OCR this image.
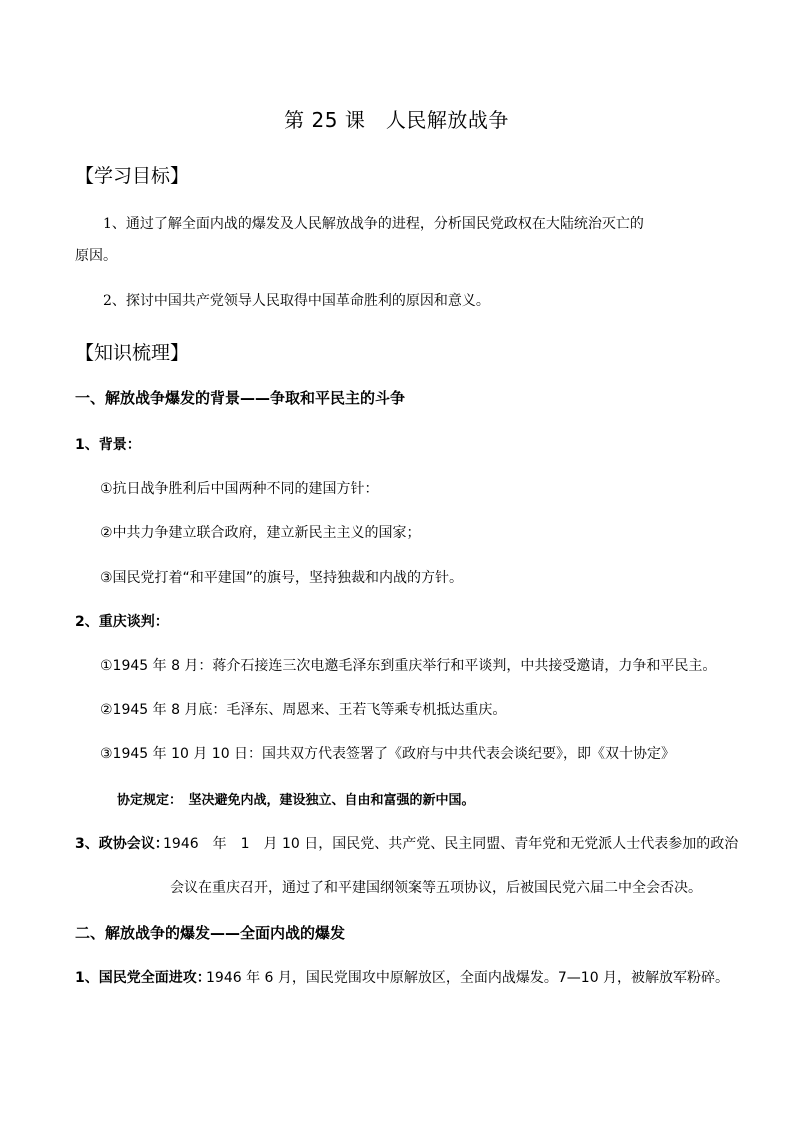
第 25 课　人民解放战争
【学习目标】
1、通过了解全面内战的爆发及人民解放战争的进程，分析国民党政权在大陆统治灭亡的
原因。
2、探讨中国共产党领导人民取得中国革命胜利的原因和意义。
【知识梳理】
一、解放战争爆发的背景——争取和平民主的斗争
1、背景：
①抗日战争胜利后中国两种不同的建国方针：
②中共力争建立联合政府，建立新民主主义的国家；
③国民党打着“和平建国”的旗号，坚持独裁和内战的方针。
2、重庆谈判：
①1945 年 8 月：蒋介石接连三次电邀毛泽东到重庆举行和平谈判，中共接受邀请，力争和平民主。
②1945 年 8 月底：毛泽东、周恩来、王若飞等乘专机抵达重庆。
③1945 年 10 月 10 日：国共双方代表签署了《政府与中共代表会谈纪要》，即《双十协定》
协定规定：　坚决避免内战，建设独立、自由和富强的新中国。
3、政协会议：
1946　年　1　月 10 日，国民党、共产党、民主同盟、青年党和无党派人士代表参加的政治
会议在重庆召开，通过了和平建国纲领案等五项协议，后被国民党六届二中全会否决。
二、解放战争的爆发——全面内战的爆发
1、国民党全面进攻：
1946 年 6 月，国民党围攻中原解放区，全面内战爆发。7—10 月，被解放军粉碎。
